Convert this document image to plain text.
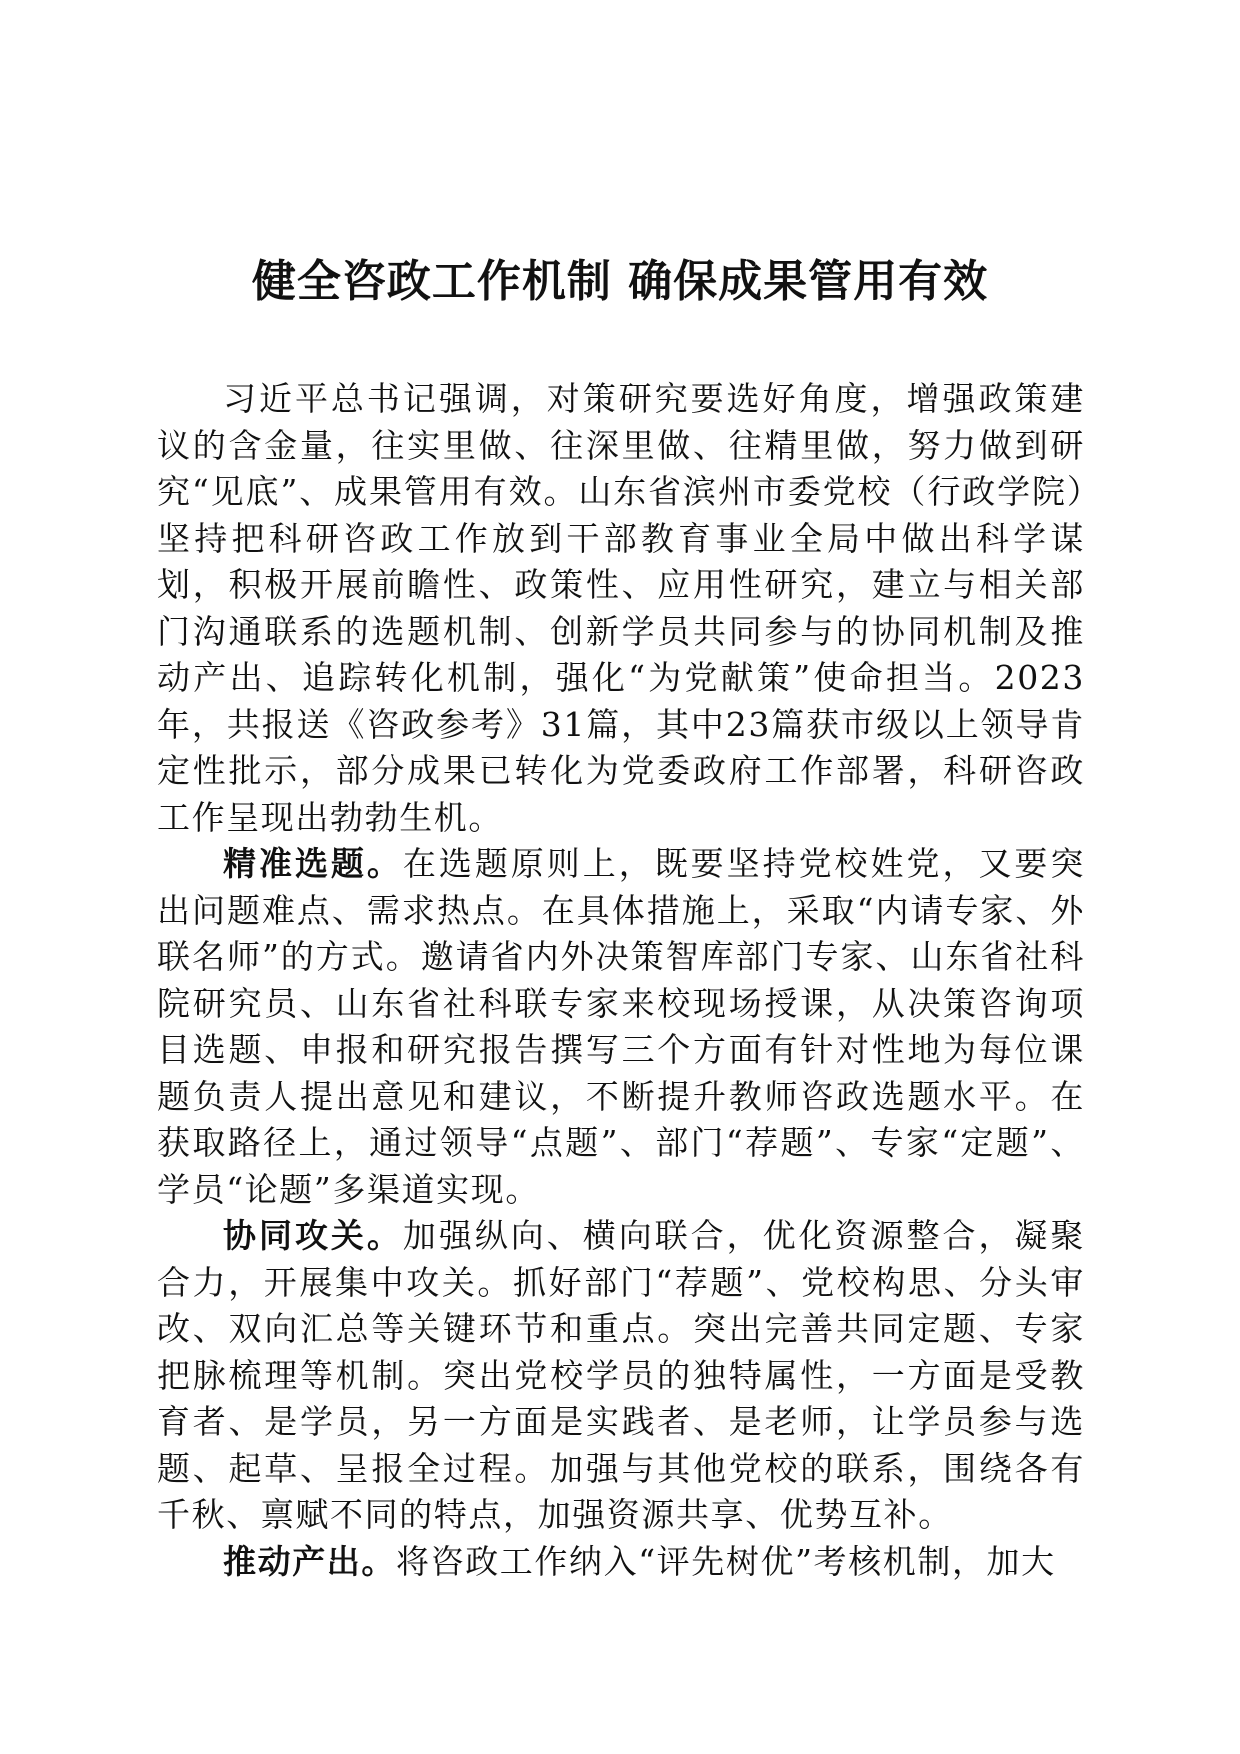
健全咨政工作机制 确保成果管用有效

习近平总书记强调，对策研究要选好角度，增强政策建议的含金量，往实里做、往深里做、往精里做，努力做到研究“见底”、成果管用有效。山东省滨州市委党校（行政学院）坚持把科研咨政工作放到干部教育事业全局中做出科学谋划，积极开展前瞻性、政策性、应用性研究，建立与相关部门沟通联系的选题机制、创新学员共同参与的协同机制及推动产出、追踪转化机制，强化“为党献策”使命担当。2023年，共报送《咨政参考》31篇，其中23篇获市级以上领导肯定性批示，部分成果已转化为党委政府工作部署，科研咨政工作呈现出勃勃生机。

精准选题。在选题原则上，既要坚持党校姓党，又要突出问题难点、需求热点。在具体措施上，采取“内请专家、外联名师”的方式。邀请省内外决策智库部门专家、山东省社科院研究员、山东省社科联专家来校现场授课，从决策咨询项目选题、申报和研究报告撰写三个方面有针对性地为每位课题负责人提出意见和建议，不断提升教师咨政选题水平。在获取路径上，通过领导“点题”、部门“荐题”、专家“定题”、学员“论题”多渠道实现。

协同攻关。加强纵向、横向联合，优化资源整合，凝聚合力，开展集中攻关。抓好部门“荐题”、党校构思、分头审改、双向汇总等关键环节和重点。突出完善共同定题、专家把脉梳理等机制。突出党校学员的独特属性，一方面是受教育者、是学员，另一方面是实践者、是老师，让学员参与选题、起草、呈报全过程。加强与其他党校的联系，围绕各有千秋、禀赋不同的特点，加强资源共享、优势互补。

推动产出。将咨政工作纳入“评先树优”考核机制，加大
